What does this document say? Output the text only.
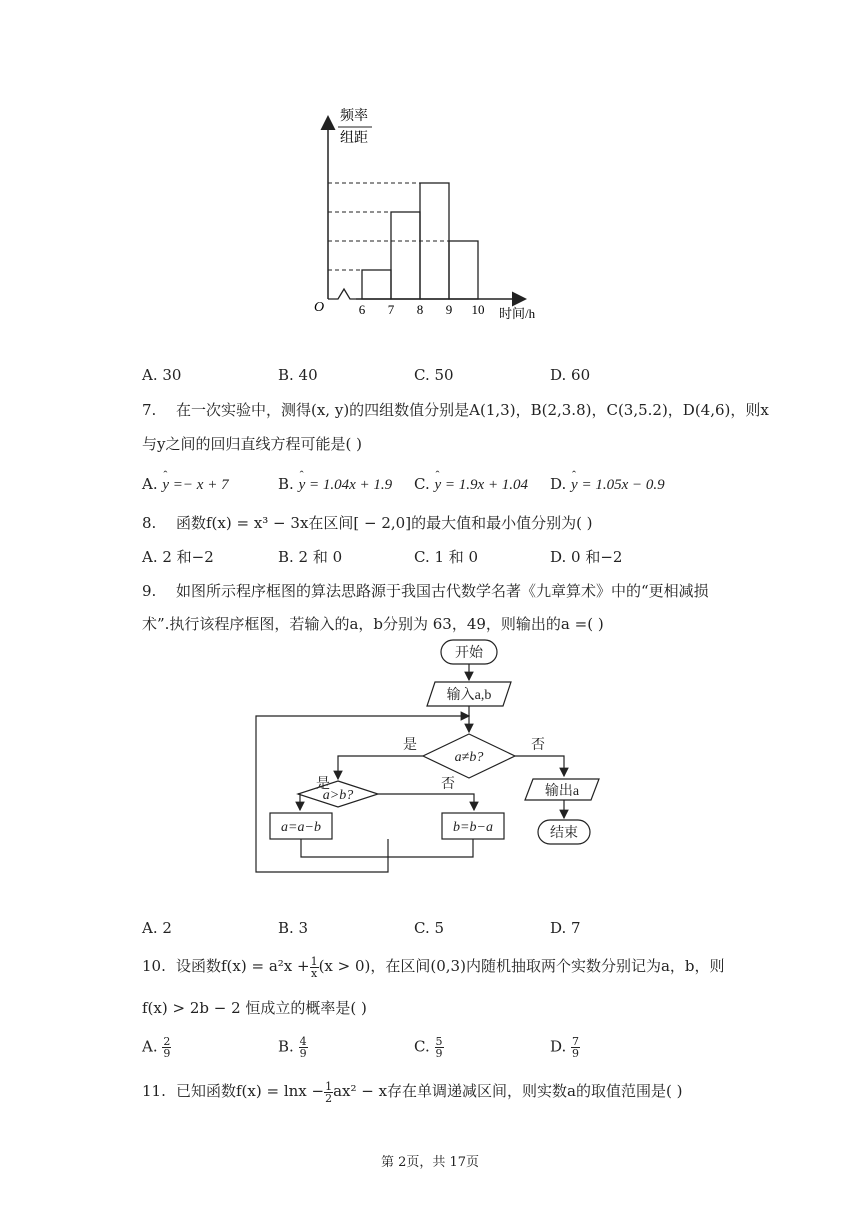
频率
组距
O	6 7 8 9 10 时间/h
A. 30	B. 40	C. 50	D. 60
7. 在一次实验中，测得(x, y)的四组数值分别是A(1,3)，B(2,3.8)，C(3,5.2)，D(4,6)，则x
与y之间的回归直线方程可能是( )
A. ˆ y =− x + 7	B. ˆ y = 1.04x + 1.9 C. ˆ y = 1.9x + 1.04 D. ˆ y = 1.05x − 0.9
8. 函数f(x) = x³ − 3x在区间[ − 2,0]的最大值和最小值分别为( )
A. 2 和−2	B. 2 和 0	C. 1 和 0	D. 0 和−2
9. 如图所示程序框图的算法思路源于我国古代数学名著《九章算术》中的“更相减损
术”.执行该程序框图，若输入的a，b分别为 63，49，则输出的a =( )
开始
输入a,b
a≠b?
是	否
输出a
结束
a>b?
是	否
a=a−b	b=b−a
A. 2	B. 3	C. 5	D. 7
10. 设函数$f(x) = a^2x + \frac{1}{x} (x > 0)$，在区间(0,3)内随机抽取两个实数分别记为a，b，则
f(x) > 2b − 2 恒成立的概率是( )
A. $\frac{2}{9}$	B. $\frac{4}{9}$	C. $\frac{5}{9}$	D. $\frac{7}{9}$
11. 已知函数$f(x) = \ln x - \frac{1}{2} ax^2 - x$存在单调递减区间，则实数a的取值范围是( )
第 2页，共 17页
